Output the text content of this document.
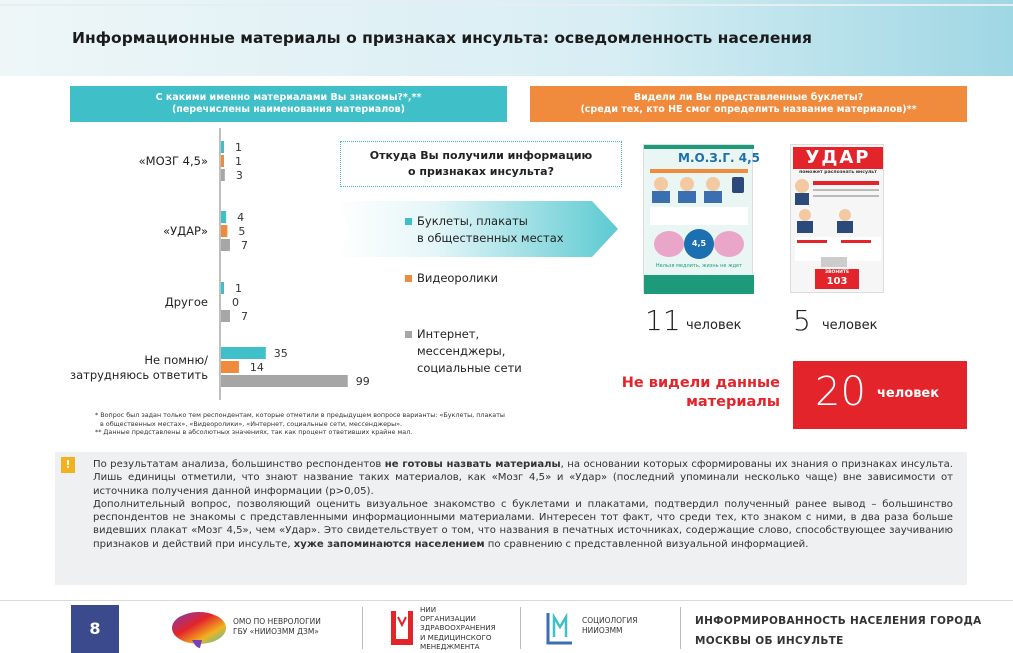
Информационные материалы о признаках инсульта: осведомленность населения
С какими именно материалами Вы знакомы?*,**
(перечислены наименования материалов)
Видели ли Вы представленные буклеты?
(среди тех, кто НЕ смог определить название материалов)**
«МОЗГ 4,5»
«УДАР»
Другое
Не помню/
затрудняюсь ответить
1
1
3
4
5
7
1
0
7
35
14
99
* Вопрос был задан только тем респондентам, которые отметили в предыдущем вопросе варианты: «Буклеты, плакаты
в общественных местах», «Видеоролики», «Интернет, социальные сети, мессенджеры».
** Данные представлены в абсолютных значениях, так как процент ответивших крайне мал.
Откуда Вы получили информацию
о признаках инсульта?
Буклеты, плакаты
в общественных местах
Видеоролики
Интернет,
мессенджеры,
социальные сети
М.О.З.Г. 4,5
4,5
Нельзя медлить, жизнь не ждет
УДАР
поможет распознать инсульт
ЗВОНИТЕ
103
11 человек 5 человек
Не видели данные
материалы 20 человек
!	По результатам анализа, большинство респондентов не готовы назвать материалы, на основании которых сформированы их знания о признаках инсульта. Лишь единицы отметили, что знают название таких материалов, как «Мозг 4,5» и «Удар» (последний упоминали несколько чаще) вне зависимости от источника получения данной информации (p>0,05).

Дополнительный вопрос, позволяющий оценить визуальное знакомство с буклетами и плакатами, подтвердил полученный ранее вывод – большинство респондентов не знакомы с представленными информационными материалами. Интересен тот факт, что среди тех, кто знаком с ними, в два раза больше видевших плакат «Мозг 4,5», чем «Удар». Это свидетельствует о том, что названия в печатных источниках, содержащие слово, способствующее заучиванию признаков и действий при инсульте, хуже запоминаются населением по сравнению с представленной визуальной информацией.

8	ОМО ПО НЕВРОЛОГИИ
ГБУ «НИИОЗММ ДЗМ»
НИИ
ОРГАНИЗАЦИИ
ЗДРАВООХРАНЕНИЯ
И МЕДИЦИНСКОГО
МЕНЕДЖМЕНТА
СОЦИОЛОГИЯ
НИИОЗММ
ИНФОРМИРОВАННОСТЬ НАСЕЛЕНИЯ ГОРОДА
МОСКВЫ ОБ ИНСУЛЬТЕ
